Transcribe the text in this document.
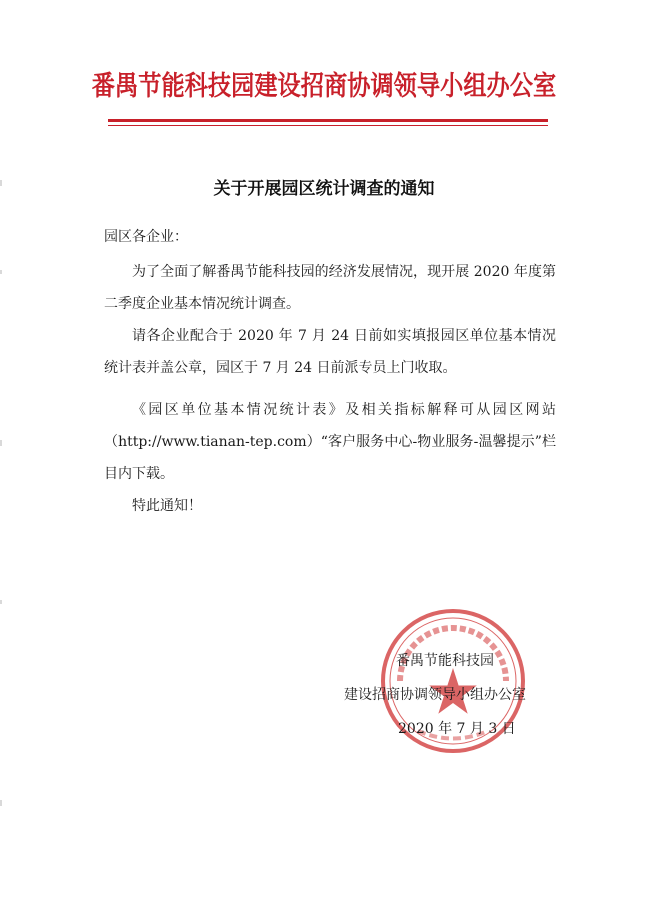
番禺节能科技园建设招商协调领导小组办公室
关于开展园区统计调查的通知
园区各企业：

为了全面了解番禺节能科技园的经济发展情况，现开展 2020 年度第二季度企业基本情况统计调查。

请各企业配合于 2020 年 7 月 24 日前如实填报园区单位基本情况统计表并盖公章，园区于 7 月 24 日前派专员上门收取。

《园区单位基本情况统计表》及相关指标解释可从园区网站（http://www.tianan-tep.com）“客户服务中心-物业服务-温馨提示”栏目内下载。

特此通知！

番禺节能科技园
建设招商协调领导小组办公室
2020 年 7 月 3 日
